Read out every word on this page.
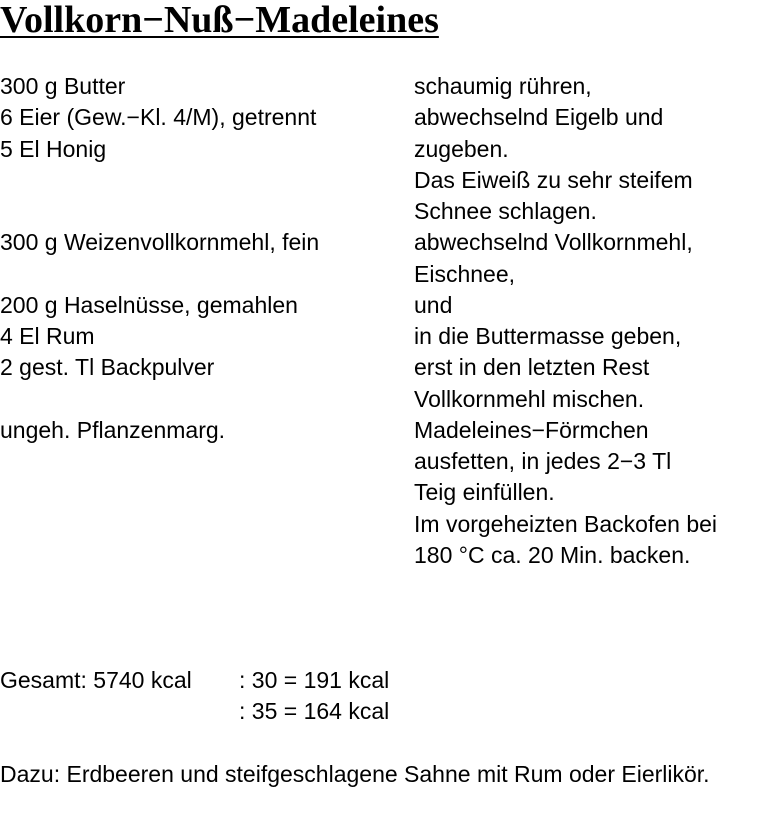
Vollkorn−Nuß−Madeleines
300 g Butter
6 Eier (Gew.−Kl. 4/M), getrennt
5 El Honig
300 g Weizenvollkornmehl, fein
200 g Haselnüsse, gemahlen
4 El Rum
2 gest. Tl Backpulver
ungeh. Pflanzenmarg.
schaumig rühren,
abwechselnd Eigelb und
zugeben.
Das Eiweiß zu sehr steifem
Schnee schlagen.
abwechselnd Vollkornmehl,
Eischnee,
und
in die Buttermasse geben,
erst in den letzten Rest
Vollkornmehl mischen.
Madeleines−Förmchen
ausfetten, in jedes 2−3 Tl
Teig einfüllen.
Im vorgeheizten Backofen bei
180 °C ca. 20 Min. backen.
Gesamt: 5740 kcal : 30 = 191 kcal
: 35 = 164 kcal
Dazu: Erdbeeren und steifgeschlagene Sahne mit Rum oder Eierlikör.
